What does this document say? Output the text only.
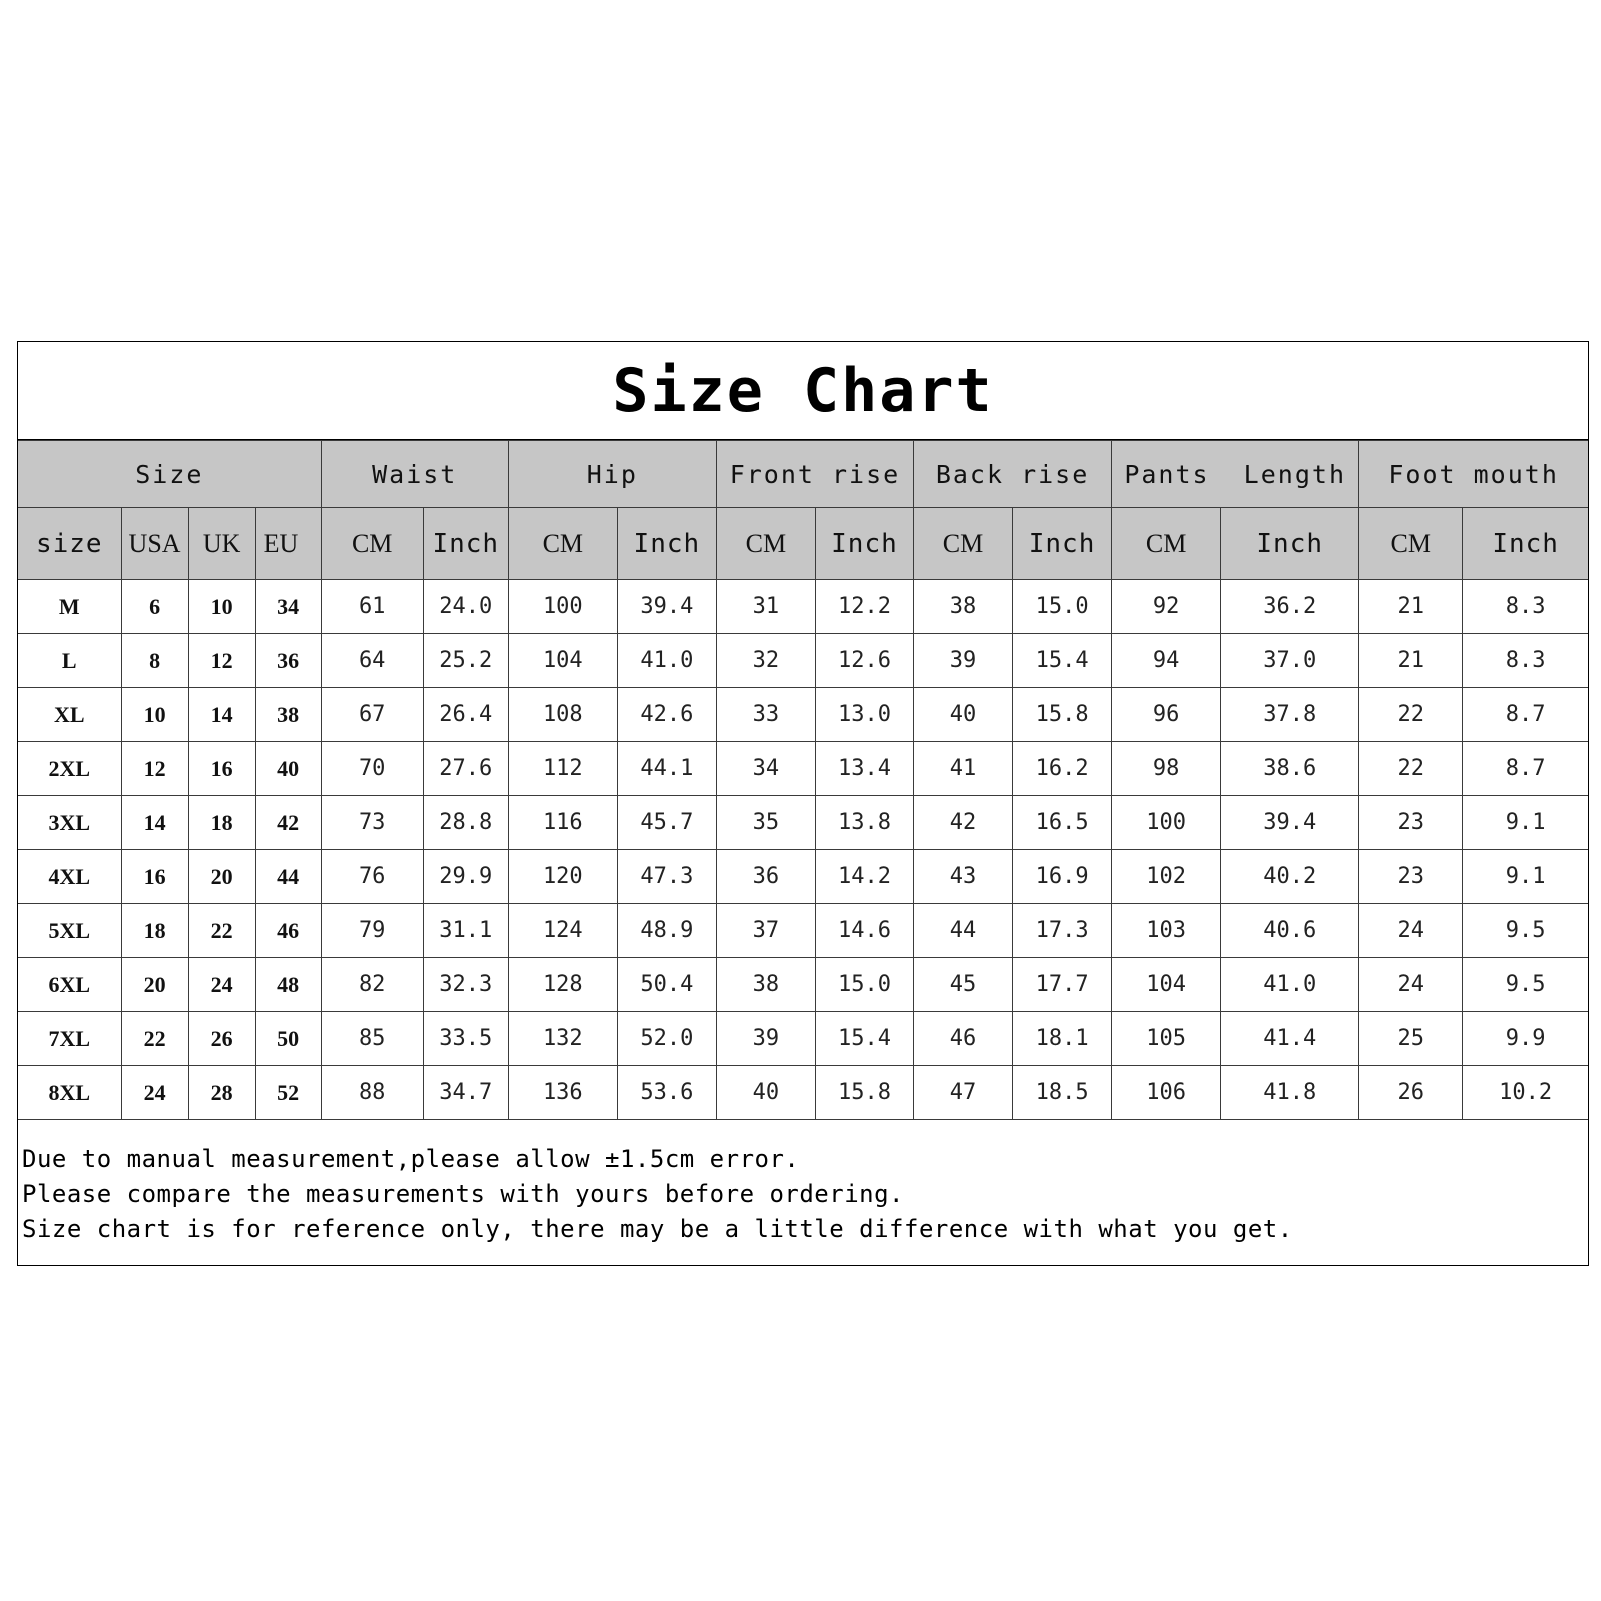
Size Chart
Size				Waist		Hip		Front rise		Back rise		Pants  Length		Foot mouth	
size	USA	UK	EU	CM	Inch	CM	Inch	CM	Inch	CM	Inch	CM	Inch	CM	Inch
M	6	10	34	61	24.0	100	39.4	31	12.2	38	15.0	92	36.2	21	8.3
L	8	12	36	64	25.2	104	41.0	32	12.6	39	15.4	94	37.0	21	8.3
XL	10	14	38	67	26.4	108	42.6	33	13.0	40	15.8	96	37.8	22	8.7
2XL	12	16	40	70	27.6	112	44.1	34	13.4	41	16.2	98	38.6	22	8.7
3XL	14	18	42	73	28.8	116	45.7	35	13.8	42	16.5	100	39.4	23	9.1
4XL	16	20	44	76	29.9	120	47.3	36	14.2	43	16.9	102	40.2	23	9.1
5XL	18	22	46	79	31.1	124	48.9	37	14.6	44	17.3	103	40.6	24	9.5
6XL	20	24	48	82	32.3	128	50.4	38	15.0	45	17.7	104	41.0	24	9.5
7XL	22	26	50	85	33.5	132	52.0	39	15.4	46	18.1	105	41.4	25	9.9
8XL	24	28	52	88	34.7	136	53.6	40	15.8	47	18.5	106	41.8	26	10.2
Due to manual measurement,please allow ±1.5cm error.
Please compare the measurements with yours before ordering.
Size chart is for reference only, there may be a little difference with what you get.
